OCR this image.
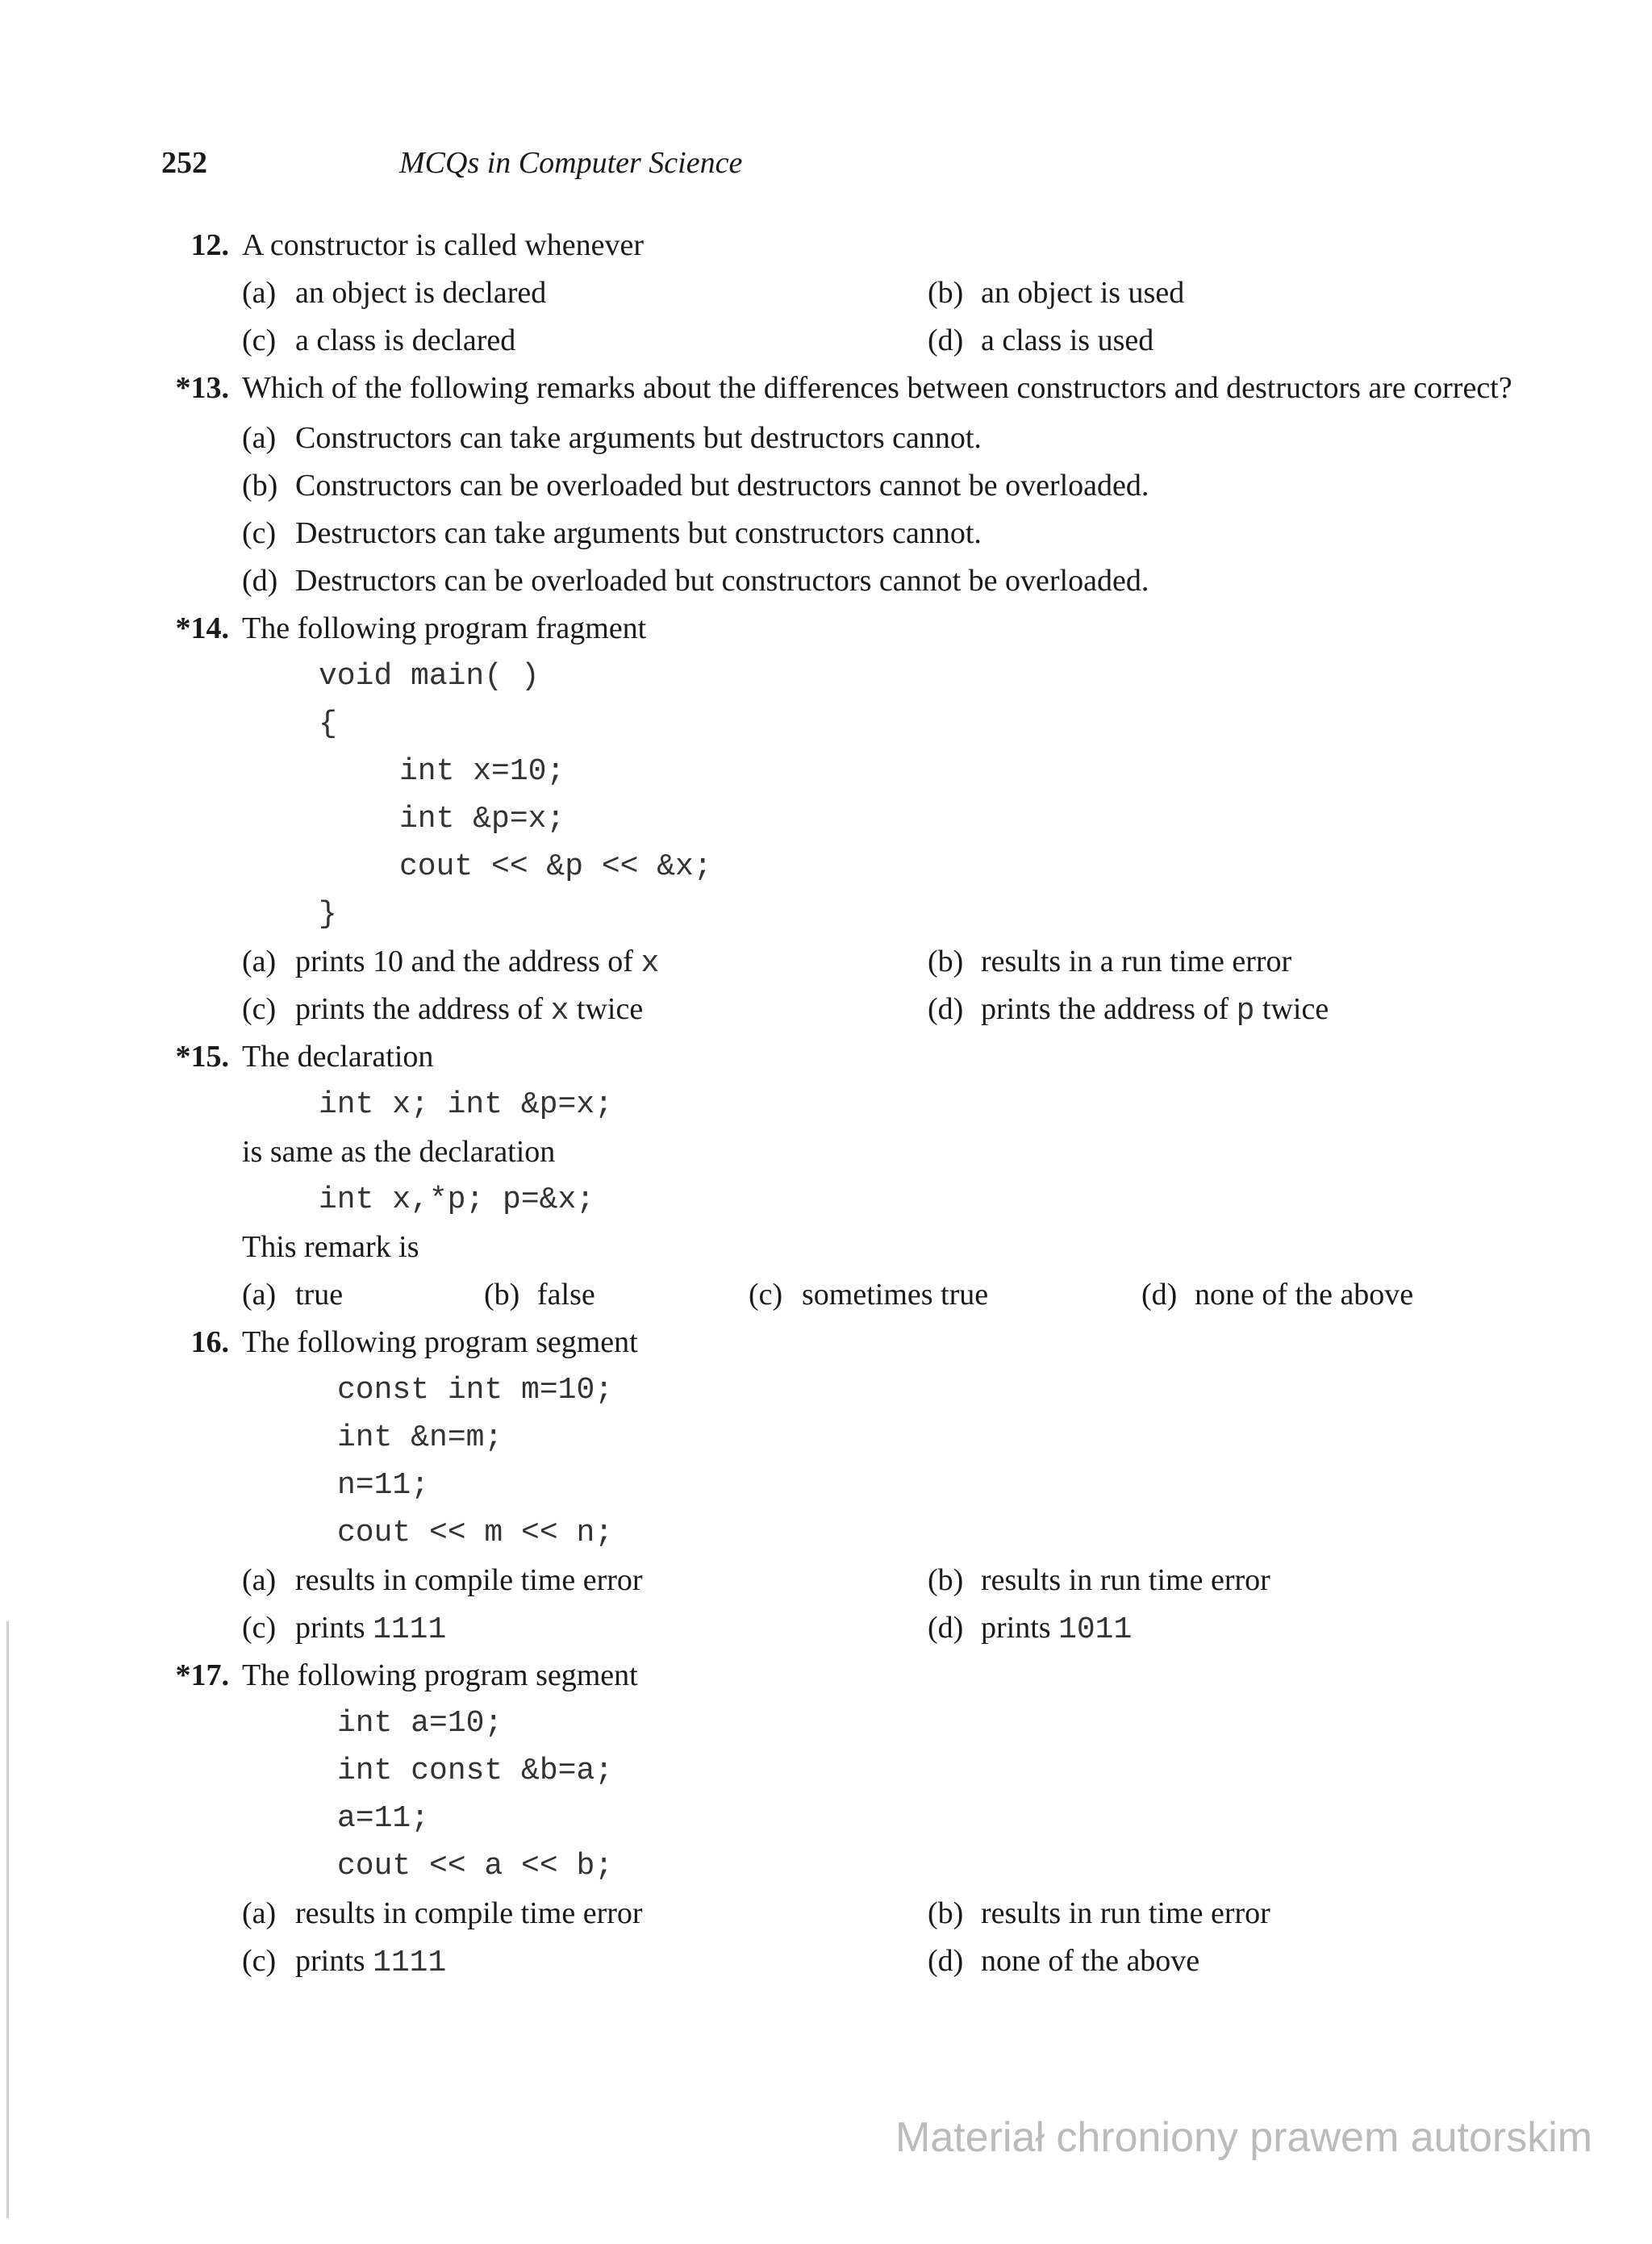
252	MCQs in Computer Science
12. A constructor is called whenever
(a) an object is declared	(b) an object is used
(c) a class is declared	(d) a class is used
*13. Which of the following remarks about the differences between constructors and destructors are correct?
(a) Constructors can take arguments but destructors cannot.
(b) Constructors can be overloaded but destructors cannot be overloaded.
(c) Destructors can take arguments but constructors cannot.
(d) Destructors can be overloaded but constructors cannot be overloaded.
*14. The following program fragment
void main( )
{
int x=10;
int &p=x;
cout << &p << &x;
}
(a) prints 10 and the address of x	(b) results in a run time error
(c) prints the address of x twice	(d) prints the address of p twice
*15. The declaration
int x; int &p=x;
is same as the declaration
int x,*p; p=&x;
This remark is
(a) true	(b) false	(c) sometimes true	(d) none of the above
16. The following program segment
const int m=10;
int &n=m;
n=11;
cout << m << n;
(a) results in compile time error	(b) results in run time error
(c) prints 1111	(d) prints 1011
*17. The following program segment
int a=10;
int const &b=a;
a=11;
cout << a << b;
(a) results in compile time error	(b) results in run time error
(c) prints 1111	(d) none of the above
Materiał chroniony prawem autorskim
